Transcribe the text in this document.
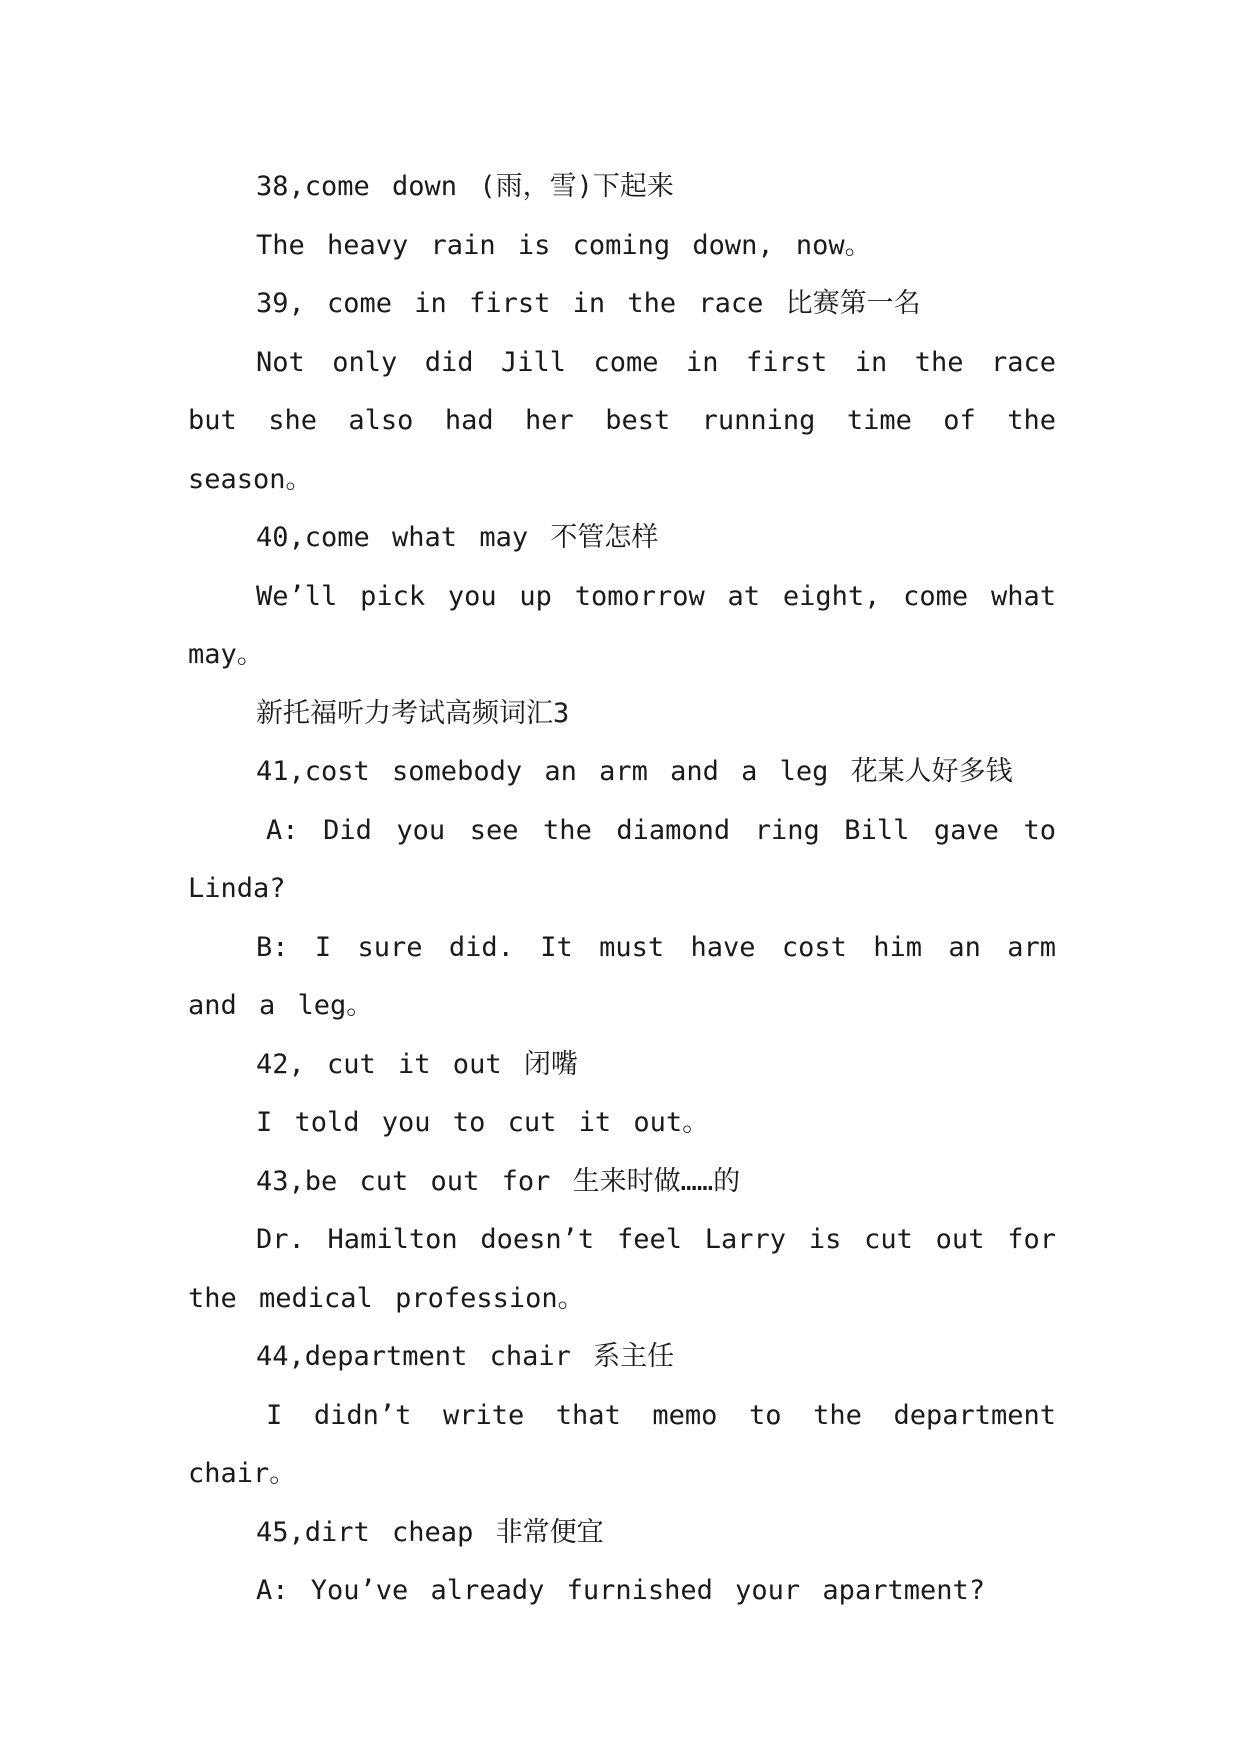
38,come down (雨，雪)下起来

The heavy rain is coming down, now。

39, come in first in the race 比赛第一名

Not only did Jill come in first in the race but she also had her best running time of the season。

40,come what may 不管怎样

We’ll pick you up tomorrow at eight, come what may。

新托福听力考试高频词汇3

41,cost somebody an arm and a leg 花某人好多钱

A: Did you see the diamond ring Bill gave to Linda?

B: I sure did. It must have cost him an arm and a leg。

42, cut it out 闭嘴

I told you to cut it out。

43,be cut out for 生来时做……的

Dr. Hamilton doesn’t feel Larry is cut out for the medical profession。

44,department chair 系主任

I didn’t write that memo to the department chair。

45,dirt cheap 非常便宜

A: You’ve already furnished your apartment?
